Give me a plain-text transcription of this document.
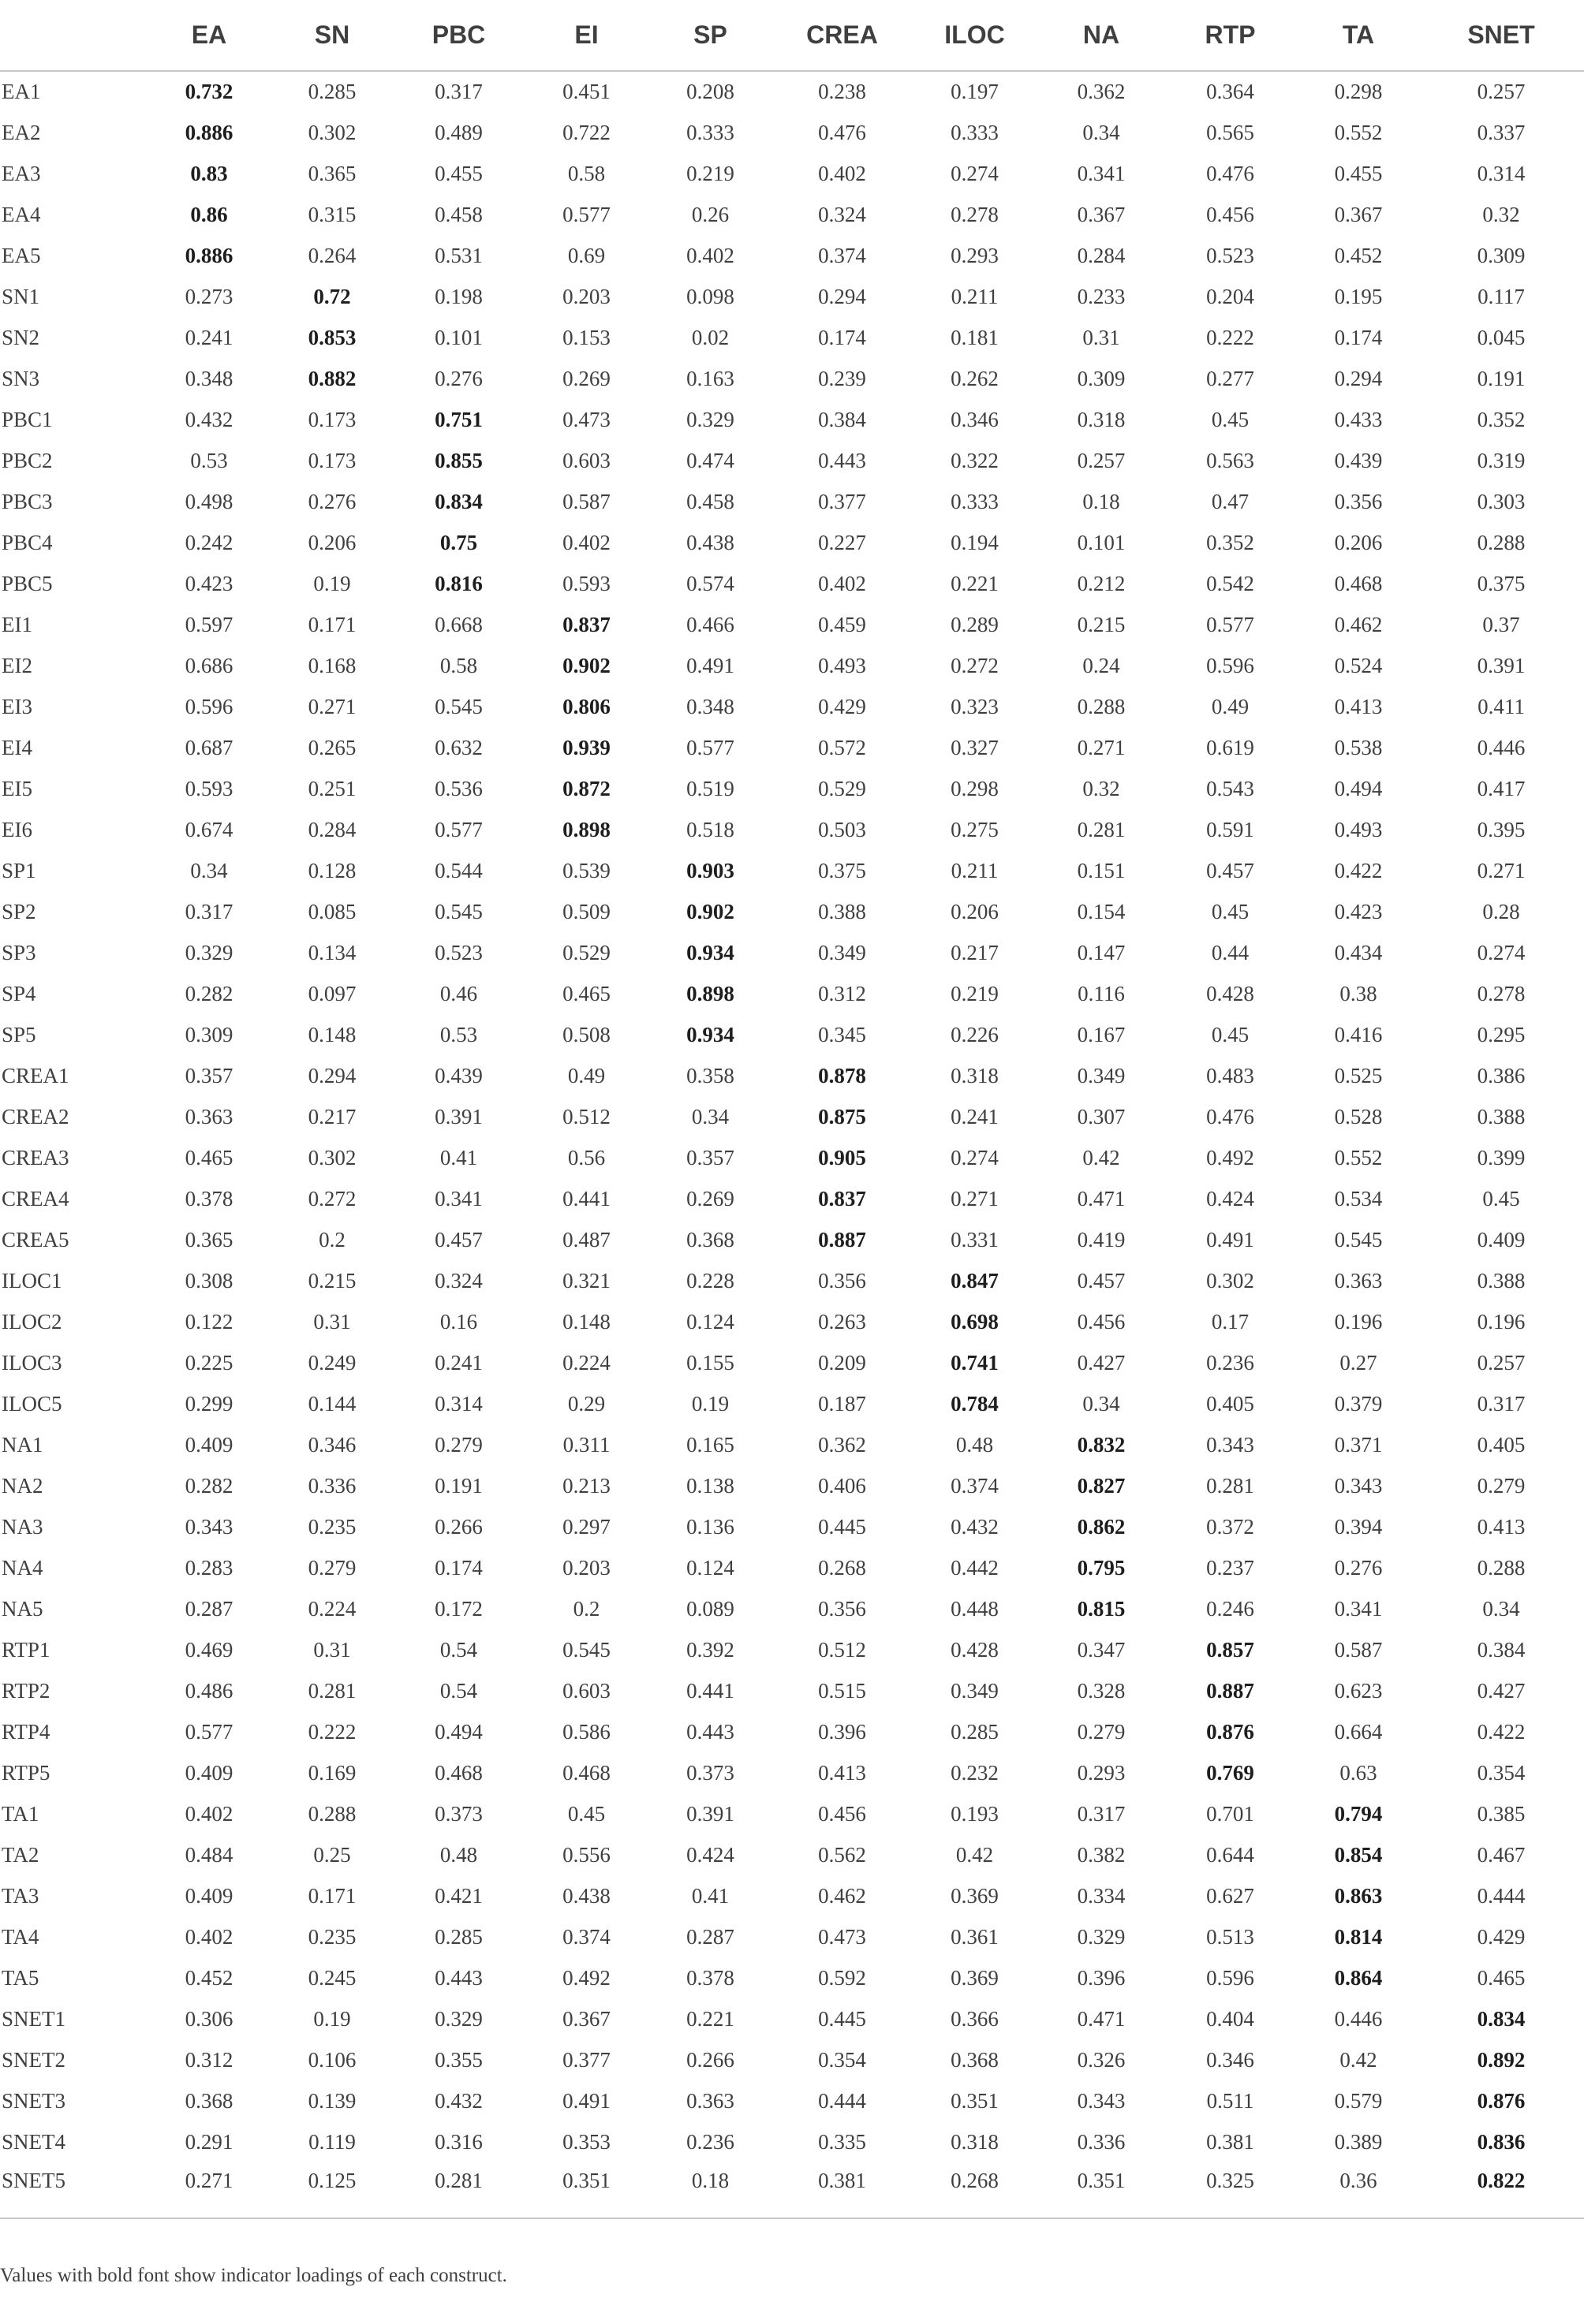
	EA	SN	PBC	EI	SP	CREA	ILOC	NA	RTP	TA	SNET
EA1	0.732	0.285	0.317	0.451	0.208	0.238	0.197	0.362	0.364	0.298	0.257
EA2	0.886	0.302	0.489	0.722	0.333	0.476	0.333	0.34	0.565	0.552	0.337
EA3	0.83	0.365	0.455	0.58	0.219	0.402	0.274	0.341	0.476	0.455	0.314
EA4	0.86	0.315	0.458	0.577	0.26	0.324	0.278	0.367	0.456	0.367	0.32
EA5	0.886	0.264	0.531	0.69	0.402	0.374	0.293	0.284	0.523	0.452	0.309
SN1	0.273	0.72	0.198	0.203	0.098	0.294	0.211	0.233	0.204	0.195	0.117
SN2	0.241	0.853	0.101	0.153	0.02	0.174	0.181	0.31	0.222	0.174	0.045
SN3	0.348	0.882	0.276	0.269	0.163	0.239	0.262	0.309	0.277	0.294	0.191
PBC1	0.432	0.173	0.751	0.473	0.329	0.384	0.346	0.318	0.45	0.433	0.352
PBC2	0.53	0.173	0.855	0.603	0.474	0.443	0.322	0.257	0.563	0.439	0.319
PBC3	0.498	0.276	0.834	0.587	0.458	0.377	0.333	0.18	0.47	0.356	0.303
PBC4	0.242	0.206	0.75	0.402	0.438	0.227	0.194	0.101	0.352	0.206	0.288
PBC5	0.423	0.19	0.816	0.593	0.574	0.402	0.221	0.212	0.542	0.468	0.375
EI1	0.597	0.171	0.668	0.837	0.466	0.459	0.289	0.215	0.577	0.462	0.37
EI2	0.686	0.168	0.58	0.902	0.491	0.493	0.272	0.24	0.596	0.524	0.391
EI3	0.596	0.271	0.545	0.806	0.348	0.429	0.323	0.288	0.49	0.413	0.411
EI4	0.687	0.265	0.632	0.939	0.577	0.572	0.327	0.271	0.619	0.538	0.446
EI5	0.593	0.251	0.536	0.872	0.519	0.529	0.298	0.32	0.543	0.494	0.417
EI6	0.674	0.284	0.577	0.898	0.518	0.503	0.275	0.281	0.591	0.493	0.395
SP1	0.34	0.128	0.544	0.539	0.903	0.375	0.211	0.151	0.457	0.422	0.271
SP2	0.317	0.085	0.545	0.509	0.902	0.388	0.206	0.154	0.45	0.423	0.28
SP3	0.329	0.134	0.523	0.529	0.934	0.349	0.217	0.147	0.44	0.434	0.274
SP4	0.282	0.097	0.46	0.465	0.898	0.312	0.219	0.116	0.428	0.38	0.278
SP5	0.309	0.148	0.53	0.508	0.934	0.345	0.226	0.167	0.45	0.416	0.295
CREA1	0.357	0.294	0.439	0.49	0.358	0.878	0.318	0.349	0.483	0.525	0.386
CREA2	0.363	0.217	0.391	0.512	0.34	0.875	0.241	0.307	0.476	0.528	0.388
CREA3	0.465	0.302	0.41	0.56	0.357	0.905	0.274	0.42	0.492	0.552	0.399
CREA4	0.378	0.272	0.341	0.441	0.269	0.837	0.271	0.471	0.424	0.534	0.45
CREA5	0.365	0.2	0.457	0.487	0.368	0.887	0.331	0.419	0.491	0.545	0.409
ILOC1	0.308	0.215	0.324	0.321	0.228	0.356	0.847	0.457	0.302	0.363	0.388
ILOC2	0.122	0.31	0.16	0.148	0.124	0.263	0.698	0.456	0.17	0.196	0.196
ILOC3	0.225	0.249	0.241	0.224	0.155	0.209	0.741	0.427	0.236	0.27	0.257
ILOC5	0.299	0.144	0.314	0.29	0.19	0.187	0.784	0.34	0.405	0.379	0.317
NA1	0.409	0.346	0.279	0.311	0.165	0.362	0.48	0.832	0.343	0.371	0.405
NA2	0.282	0.336	0.191	0.213	0.138	0.406	0.374	0.827	0.281	0.343	0.279
NA3	0.343	0.235	0.266	0.297	0.136	0.445	0.432	0.862	0.372	0.394	0.413
NA4	0.283	0.279	0.174	0.203	0.124	0.268	0.442	0.795	0.237	0.276	0.288
NA5	0.287	0.224	0.172	0.2	0.089	0.356	0.448	0.815	0.246	0.341	0.34
RTP1	0.469	0.31	0.54	0.545	0.392	0.512	0.428	0.347	0.857	0.587	0.384
RTP2	0.486	0.281	0.54	0.603	0.441	0.515	0.349	0.328	0.887	0.623	0.427
RTP4	0.577	0.222	0.494	0.586	0.443	0.396	0.285	0.279	0.876	0.664	0.422
RTP5	0.409	0.169	0.468	0.468	0.373	0.413	0.232	0.293	0.769	0.63	0.354
TA1	0.402	0.288	0.373	0.45	0.391	0.456	0.193	0.317	0.701	0.794	0.385
TA2	0.484	0.25	0.48	0.556	0.424	0.562	0.42	0.382	0.644	0.854	0.467
TA3	0.409	0.171	0.421	0.438	0.41	0.462	0.369	0.334	0.627	0.863	0.444
TA4	0.402	0.235	0.285	0.374	0.287	0.473	0.361	0.329	0.513	0.814	0.429
TA5	0.452	0.245	0.443	0.492	0.378	0.592	0.369	0.396	0.596	0.864	0.465
SNET1	0.306	0.19	0.329	0.367	0.221	0.445	0.366	0.471	0.404	0.446	0.834
SNET2	0.312	0.106	0.355	0.377	0.266	0.354	0.368	0.326	0.346	0.42	0.892
SNET3	0.368	0.139	0.432	0.491	0.363	0.444	0.351	0.343	0.511	0.579	0.876
SNET4	0.291	0.119	0.316	0.353	0.236	0.335	0.318	0.336	0.381	0.389	0.836
SNET5	0.271	0.125	0.281	0.351	0.18	0.381	0.268	0.351	0.325	0.36	0.822
Values with bold font show indicator loadings of each construct.
